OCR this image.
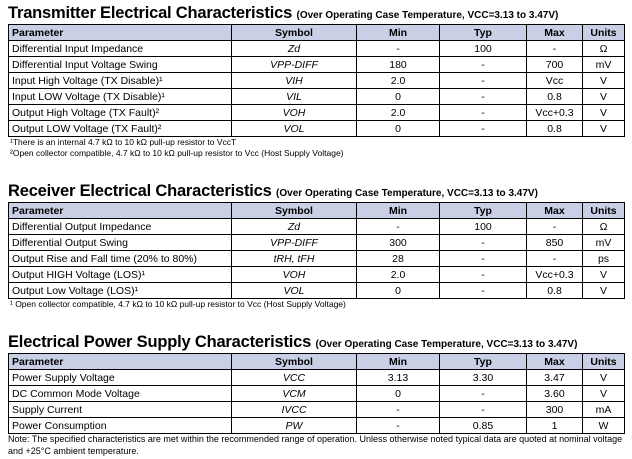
Transmitter Electrical Characteristics (Over Operating Case Temperature, VCC=3.13 to 3.47V)
Parameter	Symbol	Min	Typ	Max	Units
Differential Input Impedance	Zd	-	100	-	Ω
Differential Input Voltage Swing	VPP-DIFF	180	-	700	mV
Input High Voltage (TX Disable)¹	VIH	2.0	-	Vcc	V
Input LOW Voltage (TX Disable)¹	VIL	0	-	0.8	V
Output High Voltage (TX Fault)²	VOH	2.0	-	Vcc+0.3	V
Output LOW Voltage (TX Fault)²	VOL	0	-	0.8	V
¹There is an internal 4.7 kΩ to 10 kΩ pull-up resistor to VccT
²Open collector compatible, 4.7 kΩ to 10 kΩ pull-up resistor to Vcc (Host Supply Voltage)
Receiver Electrical Characteristics (Over Operating Case Temperature, VCC=3.13 to 3.47V)
Parameter	Symbol	Min	Typ	Max	Units
Differential Output Impedance	Zd	-	100	-	Ω
Differential Output Swing	VPP-DIFF	300	-	850	mV
Output Rise and Fall time (20% to 80%)	tRH, tFH	28	-	-	ps
Output HIGH Voltage (LOS)¹	VOH	2.0	-	Vcc+0.3	V
Output Low Voltage (LOS)¹	VOL	0	-	0.8	V
¹ Open collector compatible, 4.7 kΩ to 10 kΩ pull-up resistor to Vcc (Host Supply Voltage)
Electrical Power Supply Characteristics (Over Operating Case Temperature, VCC=3.13 to 3.47V)
Parameter	Symbol	Min	Typ	Max	Units
Power Supply Voltage	VCC	3.13	3.30	3.47	V
DC Common Mode Voltage	VCM	0	-	3.60	V
Supply Current	IVCC	-	-	300	mA
Power Consumption	PW	-	0.85	1	W
Note: The specified characteristics are met within the recommended range of operation. Unless otherwise noted typical data are quoted at nominal voltage and +25°C ambient temperature.
